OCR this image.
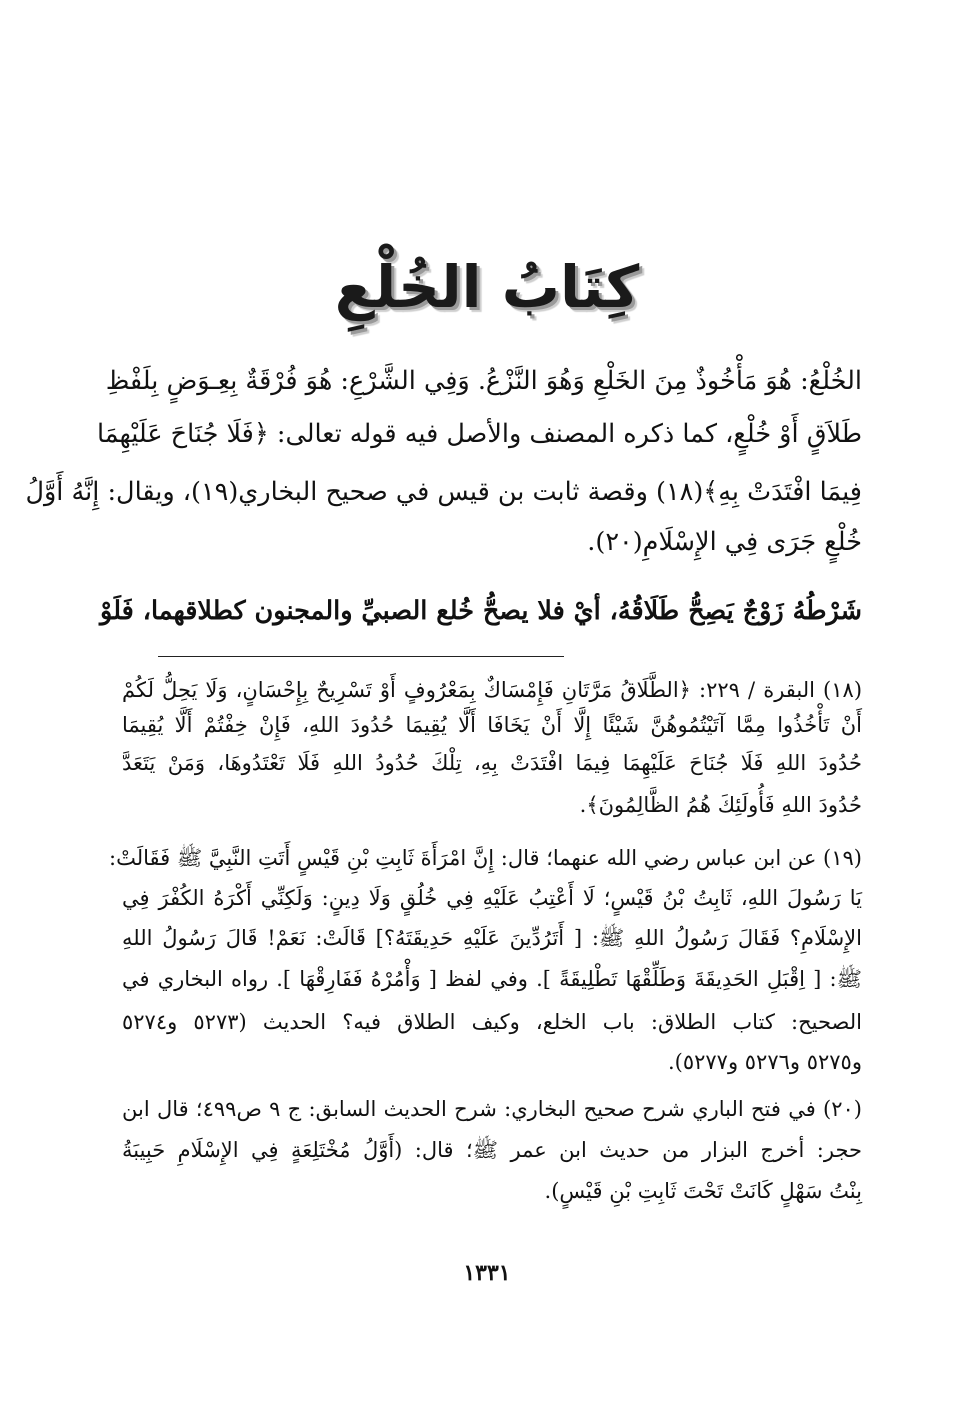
كِتَابُ الخُلْعِ
الخُلْعُ: هُوَ مَأْخُوذٌ مِنَ الخَلْعِ وَهُوَ النَّزْعُ. وَفِي الشَّرْعِ: هُوَ فُرْقَةٌ بِعِـوَضٍ بِلَفْظِ
طَلاَقٍ أَوْ خُلْعٍ، كما ذكره المصنف والأصل فيه قوله تعالى: ﴿فَلَا جُنَاحَ عَلَيْهِمَا
فِيمَا افْتَدَتْ بِهِ﴾(١٨) وقصة ثابت بن قيس في صحيح البخاري(١٩)، ويقال: إِنَّهُ أَوَّلُ
خُلْعٍ جَرَى فِي الإِسْلَامِ(٢٠).
شَرْطُهُ زَوْجٌ يَصِحُّ طَلَاقُهُ، أيْ فلا يصحُّ خُلع الصبيِّ والمجنون كطلاقهما، فَلَوْ
(١٨) البقرة / ٢٢٩: ﴿الطَّلَاقُ مَرَّتَانِ فَإِمْسَاكٌ بِمَعْرُوفٍ أَوْ تَسْرِيحٌ بِإِحْسَانٍ، وَلَا يَحِلُّ لَكُمْ
أَنْ تَأْخُذُوا مِمَّا آتَيْتُمُوهُنَّ شَيْئًا إِلَّا أَنْ يَخَافَا أَلَّا يُقِيمَا حُدُودَ اللهِ، فَإِنْ خِفْتُمْ أَلَّا يُقِيمَا
حُدُودَ اللهِ فَلَا جُنَاحَ عَلَيْهِمَا فِيمَا افْتَدَتْ بِهِ، تِلْكَ حُدُودُ اللهِ فَلَا تَعْتَدُوهَا، وَمَنْ يَتَعَدَّ
حُدُودَ اللهِ فَأُولَئِكَ هُمُ الظَّالِمُونَ﴾.
(١٩) عن ابن عباس رضي الله عنهما؛ قال: إِنَّ امْرَأَةَ ثَابِتِ بْنِ قَيْسٍ أَتَتِ النَّبِيَّ ﷺ فَقَالَتْ:
يَا رَسُولَ اللهِ، ثَابِتُ بْنُ قَيْسٍ؛ لَا أَعْتِبُ عَلَيْهِ فِي خُلُقٍ وَلَا دِينٍ: وَلَكِنِّي أَكْرَهُ الكُفْرَ فِي
الإِسْلَامِ؟ فَقَالَ رَسُولُ اللهِ ﷺ: [ أَتَرُدِّينَ عَلَيْهِ حَدِيقَتَهُ؟] قَالَتْ: نَعَمْ! قَالَ رَسُولُ اللهِ
ﷺ: [ اِقْبَلِ الحَدِيقَةَ وَطَلِّقْهَا تَطْلِيقَةً ]. وفي لفظ [ وَأْمُرْهُ فَفَارِقْهَا ]. رواه البخاري في
الصحيح: كتاب الطلاق: باب الخلع، وكيف الطلاق فيه؟ الحديث (٥٢٧٣ و٥٢٧٤
و٥٢٧٥ و٥٢٧٦ و٥٢٧٧).
(٢٠) في فتح الباري شرح صحيح البخاري: شرح الحديث السابق: ج ٩ ص٤٩٩؛ قال ابن
حجر: أخرج البزار من حديث ابن عمر ﷺ؛ قال: (أَوَّلُ مُخْتَلِعَةٍ فِي الإِسْلَامِ حَبِيبَةُ
بِنْتُ سَهْلٍ كَانَتْ تَحْتَ ثَابِتِ بْنِ قَيْسٍ).
١٣٣١
